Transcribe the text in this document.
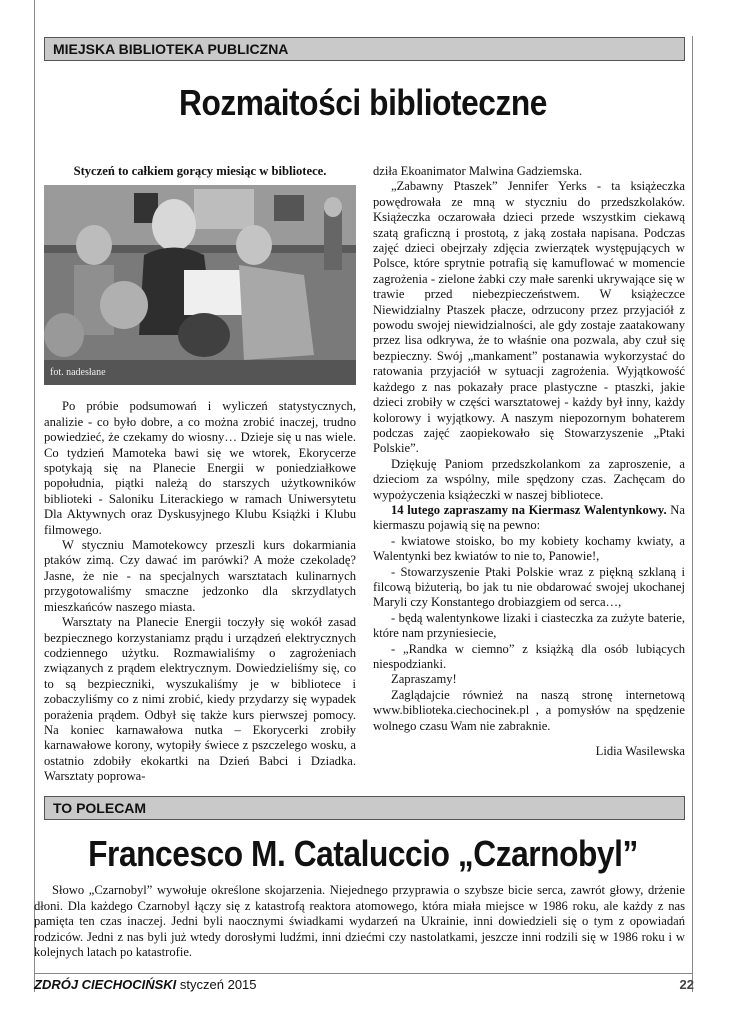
MIEJSKA BIBLIOTEKA PUBLICZNA
Rozmaitości biblioteczne

Styczeń to całkiem gorący miesiąc w bibliotece.

fot. nadesłane

Po próbie podsumowań i wyliczeń statystycznych, analizie - co było dobre, a co można zrobić inaczej, trudno powiedzieć, że czekamy do wiosny… Dzieje się u nas wiele. Co tydzień Mamoteka bawi się we wtorek, Ekorycerze spotykają się na Planecie Energii w poniedziałkowe popołudnia, piątki należą do starszych użytkowników biblioteki - Saloniku Literackiego w ramach Uniwersytetu Dla Aktywnych oraz Dyskusyjnego Klubu Książki i Klubu filmowego.

W styczniu Mamotekowcy przeszli kurs dokarmiania ptaków zimą. Czy dawać im parówki? A może czekoladę? Jasne, że nie - na specjalnych warsztatach kulinarnych przygotowaliśmy smaczne jedzonko dla skrzydlatych mieszkańców naszego miasta.

Warsztaty na Planecie Energii toczyły się wokół zasad bezpiecznego korzystaniamz prądu i urządzeń elektrycznych codziennego użytku. Rozmawialiśmy o zagrożeniach związanych z prądem elektrycznym. Dowiedzieliśmy się, co to są bezpieczniki, wyszukaliśmy je w bibliotece i zobaczyliśmy co z nimi zrobić, kiedy przydarzy się wypadek porażenia prądem. Odbył się także kurs pierwszej pomocy. Na koniec karnawałowa nutka – Ekorycerki zrobiły karnawałowe korony, wytopiły świece z pszczelego wosku, a ostatnio zdobiły ekokartki na Dzień Babci i Dziadka. Warsztaty poprowa-

dziła Ekoanimator Malwina Gadziemska.

„Zabawny Ptaszek” Jennifer Yerks - ta książeczka powędrowała ze mną w styczniu do przedszkolaków. Książeczka oczarowała dzieci przede wszystkim ciekawą szatą graficzną i prostotą, z jaką została napisana. Podczas zajęć dzieci obejrzały zdjęcia zwierzątek występujących w Polsce, które sprytnie potrafią się kamuflować w momencie zagrożenia - zielone żabki czy małe sarenki ukrywające się w trawie przed niebezpieczeństwem. W książeczce Niewidzialny Ptaszek płacze, odrzucony przez przyjaciół z powodu swojej niewidzialności, ale gdy zostaje zaatakowany przez lisa odkrywa, że to właśnie ona pozwala, aby czuł się bezpieczny. Swój „mankament” postanawia wykorzystać do ratowania przyjaciół w sytuacji zagrożenia. Wyjątkowość każdego z nas pokazały prace plastyczne - ptaszki, jakie dzieci zrobiły w części warsztatowej - każdy był inny, każdy kolorowy i wyjątkowy. A naszym niepozornym bohaterem podczas zajęć zaopiekowało się Stowarzyszenie „Ptaki Polskie”.

Dziękuję Paniom przedszkolankom za zaproszenie, a dzieciom za wspólny, mile spędzony czas. Zachęcam do wypożyczenia książeczki w naszej bibliotece.

14 lutego zapraszamy na Kiermasz Walentynkowy. Na kiermaszu pojawią się na pewno:

- kwiatowe stoisko, bo my kobiety kochamy kwiaty, a Walentynki bez kwiatów to nie to, Panowie!,

- Stowarzyszenie Ptaki Polskie wraz z piękną szklaną i filcową biżuterią, bo jak tu nie obdarować swojej ukochanej Maryli czy Konstantego drobiazgiem od serca…,

- będą walentynkowe lizaki i ciasteczka za zużyte baterie, które nam przyniesiecie,

- „Randka w ciemno” z książką dla osób lubiących niespodzianki.

Zapraszamy!

Zaglądajcie również na naszą stronę internetową www.biblioteka.ciechocinek.pl , a pomysłów na spędzenie wolnego czasu Wam nie zabraknie.

Lidia Wasilewska

TO POLECAM
Francesco M. Cataluccio „Czarnobyl”

Słowo „Czarnobyl” wywołuje określone skojarzenia. Niejednego przyprawia o szybsze bicie serca, zawrót głowy, drżenie dłoni. Dla każdego Czarnobyl łączy się z katastrofą reaktora atomowego, która miała miejsce w 1986 roku, ale każdy z nas pamięta ten czas inaczej. Jedni byli naocznymi świadkami wydarzeń na Ukrainie, inni dowiedzieli się o tym z opowiadań rodziców. Jedni z nas byli już wtedy dorosłymi ludźmi, inni dziećmi czy nastolatkami, jeszcze inni rodzili się w 1986 roku i w kolejnych latach po katastrofie.

ZDRÓJ CIECHOCIŃSKI styczeń 2015	22
